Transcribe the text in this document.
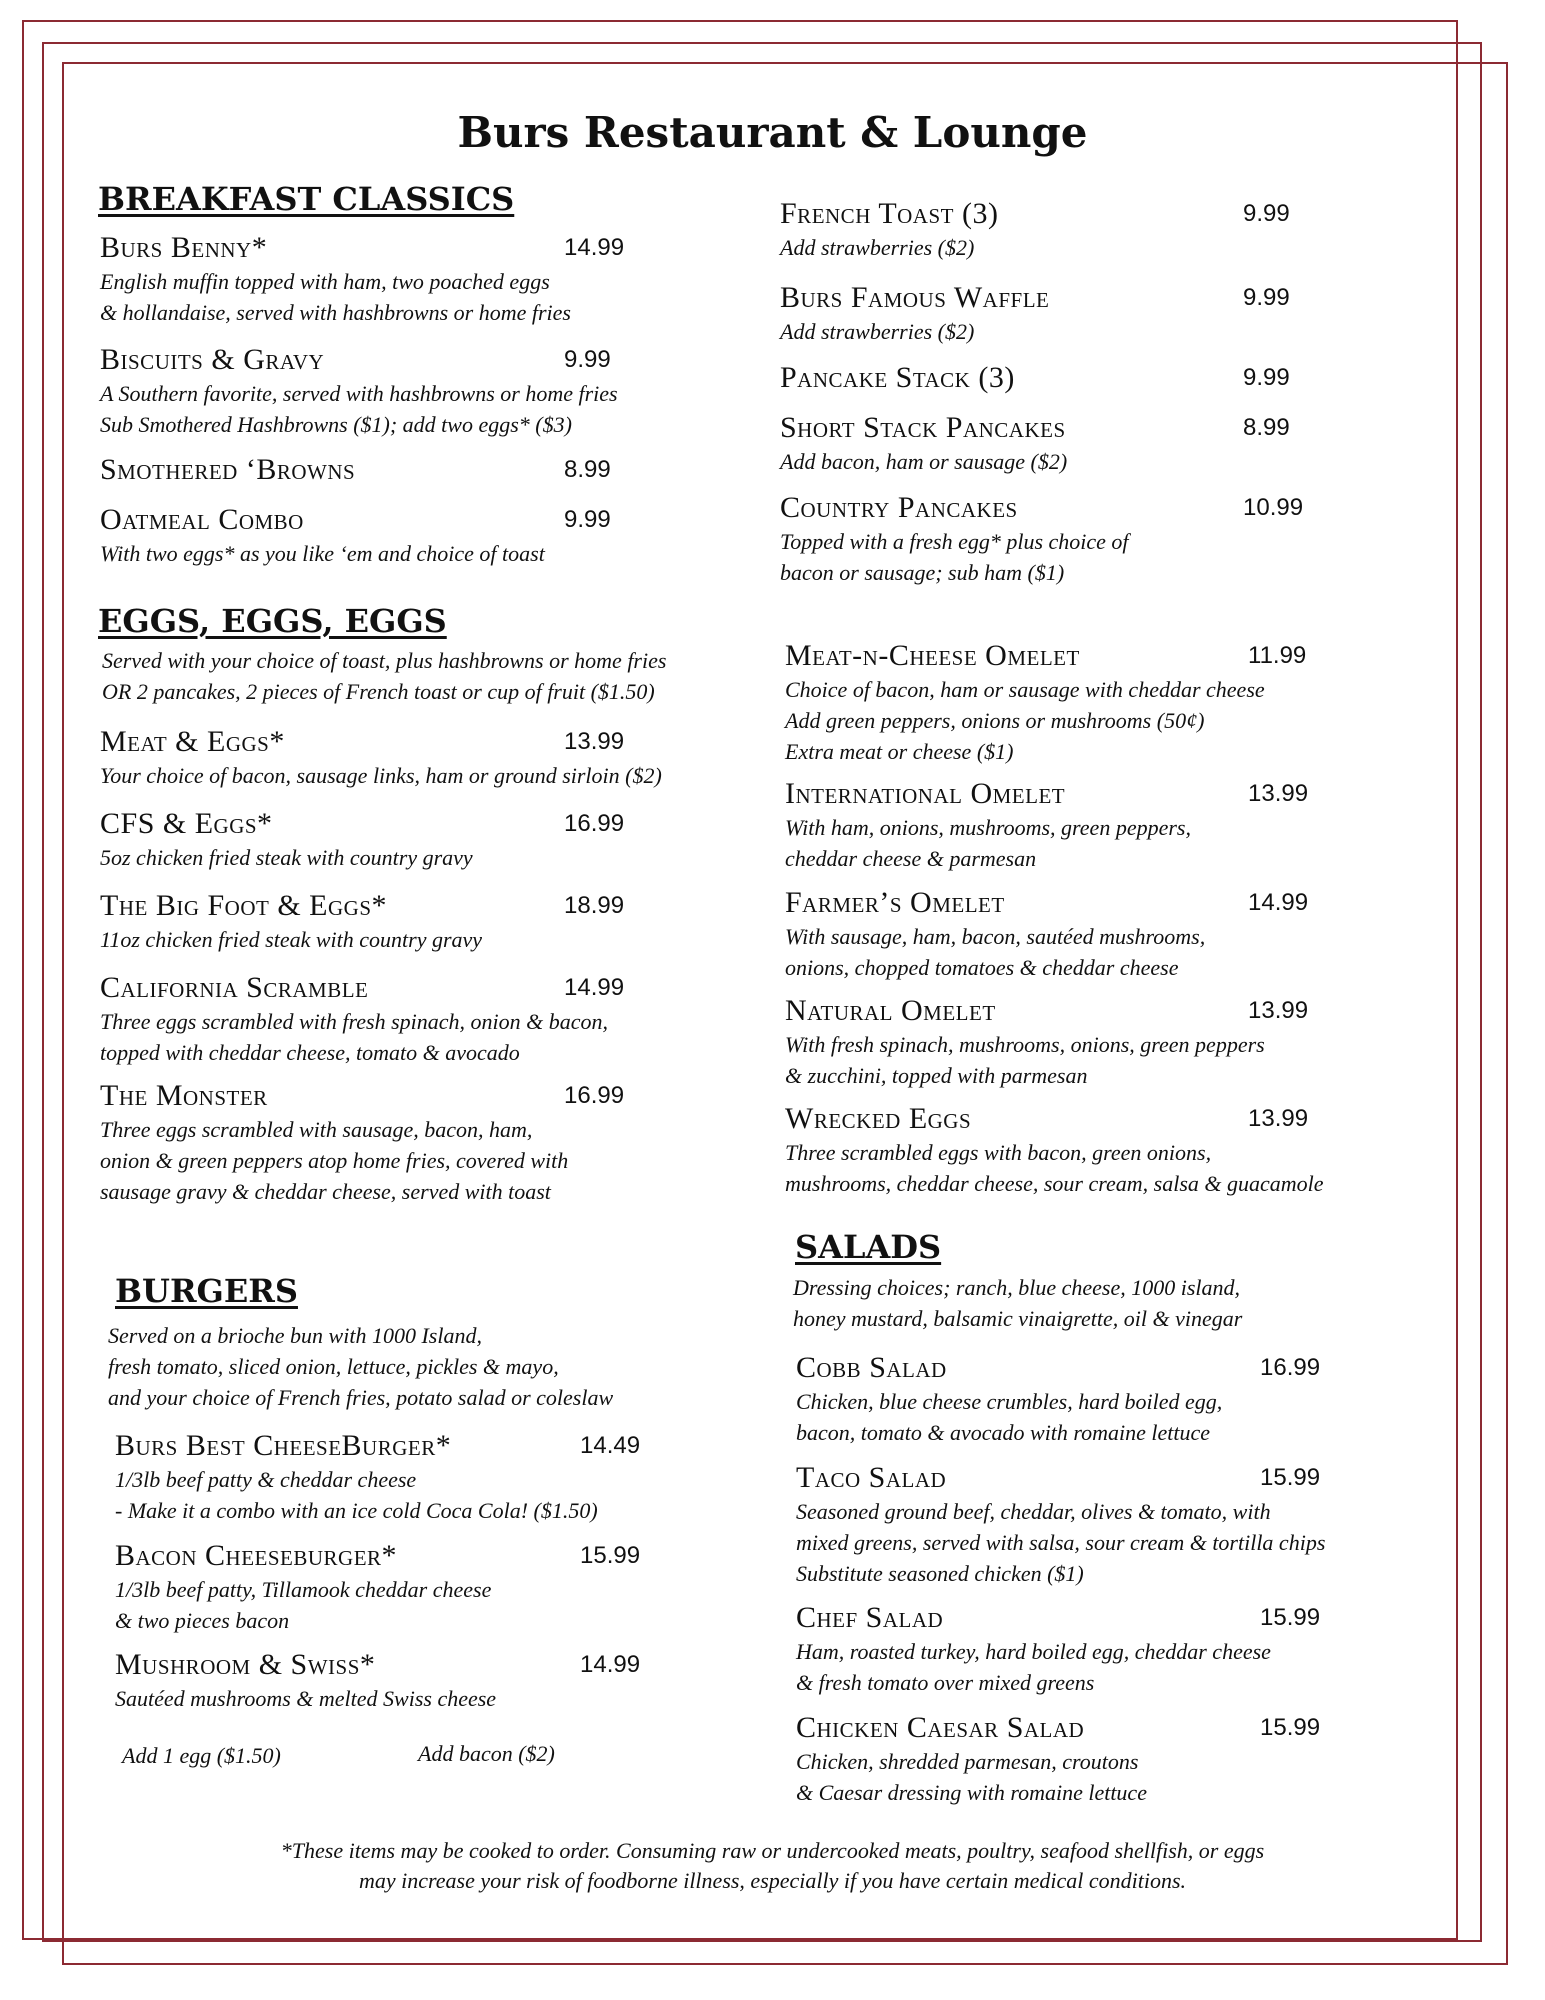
Burs Restaurant & Lounge
BREAKFAST CLASSICS
EGGS, EGGS, EGGS
BURGERS
SALADS
Served with your choice of toast, plus hashbrowns or home fries
OR 2 pancakes, 2 pieces of French toast or cup of fruit ($1.50)
Served on a brioche bun with 1000 Island,
fresh tomato, sliced onion, lettuce, pickles & mayo,
and your choice of French fries, potato salad or coleslaw
Dressing choices; ranch, blue cheese, 1000 island,
honey mustard, balsamic vinaigrette, oil & vinegar
Add 1 egg ($1.50)	Add bacon ($2)
Burs Benny*	14.99
English muffin topped with ham, two poached eggs
& hollandaise, served with hashbrowns or home fries
Biscuits & Gravy	9.99
A Southern favorite, served with hashbrowns or home fries
Sub Smothered Hashbrowns ($1); add two eggs* ($3)
Smothered ‘Browns	8.99
Oatmeal Combo	9.99
With two eggs* as you like ‘em and choice of toast
French Toast (3)	9.99
Add strawberries ($2)
Burs Famous Waffle	9.99
Add strawberries ($2)
Pancake Stack (3)	9.99
Short Stack Pancakes	8.99
Add bacon, ham or sausage ($2)
Country Pancakes	10.99
Topped with a fresh egg* plus choice of
bacon or sausage; sub ham ($1)
Meat & Eggs*	13.99
Your choice of bacon, sausage links, ham or ground sirloin ($2)
CFS & Eggs*	16.99
5oz chicken fried steak with country gravy
The Big Foot & Eggs*	18.99
11oz chicken fried steak with country gravy
California Scramble	14.99
Three eggs scrambled with fresh spinach, onion & bacon,
topped with cheddar cheese, tomato & avocado
The Monster	16.99
Three eggs scrambled with sausage, bacon, ham,
onion & green peppers atop home fries, covered with
sausage gravy & cheddar cheese, served with toast
Meat-n-Cheese Omelet	11.99
Choice of bacon, ham or sausage with cheddar cheese
Add green peppers, onions or mushrooms (50¢)
Extra meat or cheese ($1)
International Omelet	13.99
With ham, onions, mushrooms, green peppers,
cheddar cheese & parmesan
Farmer’s Omelet	14.99
With sausage, ham, bacon, sautéed mushrooms,
onions, chopped tomatoes & cheddar cheese
Natural Omelet	13.99
With fresh spinach, mushrooms, onions, green peppers
& zucchini, topped with parmesan
Wrecked Eggs	13.99
Three scrambled eggs with bacon, green onions,
mushrooms, cheddar cheese, sour cream, salsa & guacamole
Burs Best CheeseBurger*	14.49
1/3lb beef patty & cheddar cheese
- Make it a combo with an ice cold Coca Cola! ($1.50)
Bacon Cheeseburger*	15.99
1/3lb beef patty, Tillamook cheddar cheese
& two pieces bacon
Mushroom & Swiss*	14.99
Sautéed mushrooms & melted Swiss cheese
Cobb Salad	16.99
Chicken, blue cheese crumbles, hard boiled egg,
bacon, tomato & avocado with romaine lettuce
Taco Salad	15.99
Seasoned ground beef, cheddar, olives & tomato, with
mixed greens, served with salsa, sour cream & tortilla chips
Substitute seasoned chicken ($1)
Chef Salad	15.99
Ham, roasted turkey, hard boiled egg, cheddar cheese
& fresh tomato over mixed greens
Chicken Caesar Salad	15.99
Chicken, shredded parmesan, croutons
& Caesar dressing with romaine lettuce
*These items may be cooked to order. Consuming raw or undercooked meats, poultry, seafood shellfish, or eggs
may increase your risk of foodborne illness, especially if you have certain medical conditions.
